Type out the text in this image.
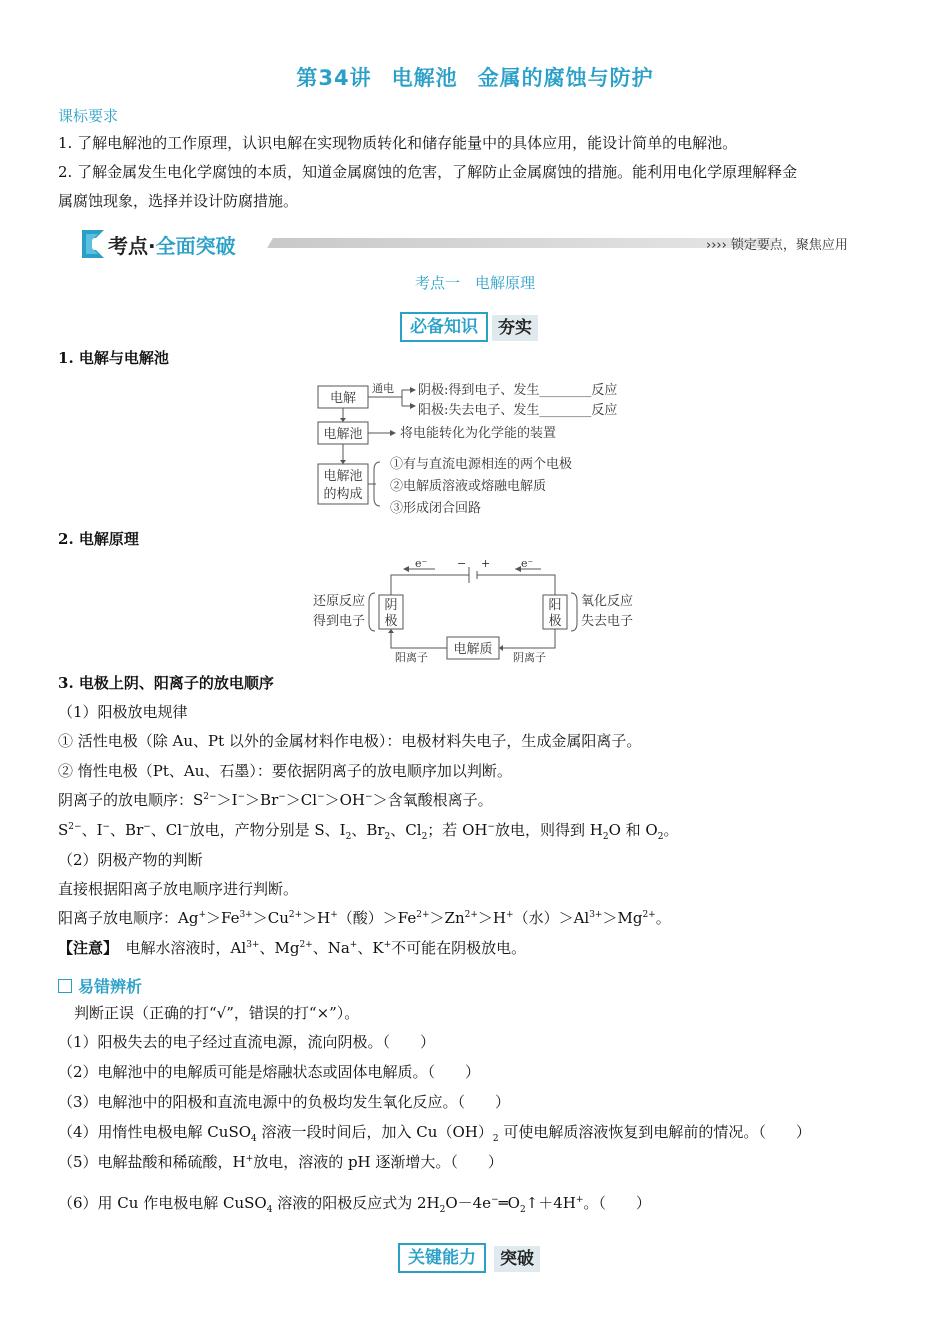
第34讲 电解池 金属的腐蚀与防护
课标要求
1. 了解电解池的工作原理，认识电解在实现物质转化和储存能量中的具体应用，能设计简单的电解池。
2. 了解金属发生电化学腐蚀的本质，知道金属腐蚀的危害，了解防止金属腐蚀的措施。能利用电化学原理解释金
属腐蚀现象，选择并设计防腐措施。
考点·全面突破	›››› 锁定要点，聚焦应用
考点一　电解原理
夯实
必备知识
1. 电解与电解池
电解
电解池
电解池
的构成
通电 阴极:得到电子、发生________反应
阳极:失去电子、发生________反应
将电能转化为化学能的装置
①有与直流电源相连的两个电极
②电解质溶液或熔融电解质
③形成闭合回路
2. 电解原理
e⁻	e⁻
− +
还原反应
得到电子
阴
极
阳
极
氧化反应
失去电子
电解质
阳离子	阴离子
3. 电极上阴、阳离子的放电顺序
（1）阳极放电规律
① 活性电极（除 Au、Pt 以外的金属材料作电极）：电极材料失电子，生成金属阳离子。
② 惰性电极（Pt、Au、石墨）：要依据阴离子的放电顺序加以判断。
阴离子的放电顺序：$S^{2-}>I^->Br^->Cl^->OH^->$含氧酸根离子。
$S^{2-}$、I−、Br−、Cl−放电，产物分别是 S、$I_2$、$Br_2$、$Cl_2$；若 OH−放电，则得到 $H_2O$ 和 $O_2$。
（2）阴极产物的判断
直接根据阳离子放电顺序进行判断。
阳离子放电顺序：$Ag^+>Fe^{3+}>Cu^{2+}>H^+$（酸）$>Fe^{2+}>Zn^{2+}>H^+$（水）$>Al^{3+}>Mg^{2+}$。
【注意】　 电解水溶液时，$Al^{3+}$、$Mg^{2+}$、Na+、K+不可能在阴极放电。
易错辨析
判断正误（正确的打“√”，错误的打“×”）。
（1）阳极失去的电子经过直流电源，流向阴极。（　　）
（2）电解池中的电解质可能是熔融状态或固体电解质。（　　）
（3）电解池中的阳极和直流电源中的负极均发生氧化反应。（　　）
（4）用惰性电极电解 CuSO$_4$ 溶液一段时间后，加入 $Cu(OH)_2$ 可使电解质溶液恢复到电解前的情况。（　　）
（5）电解盐酸和稀硫酸，H+放电，溶液的 pH 逐渐增大。（　　）
（6）用 Cu 作电极电解 CuSO$_4$ 溶液的阳极反应式为 $2H_2O-4e^-═O_2↑+4H^+$。（　　）
突破
关键能力
